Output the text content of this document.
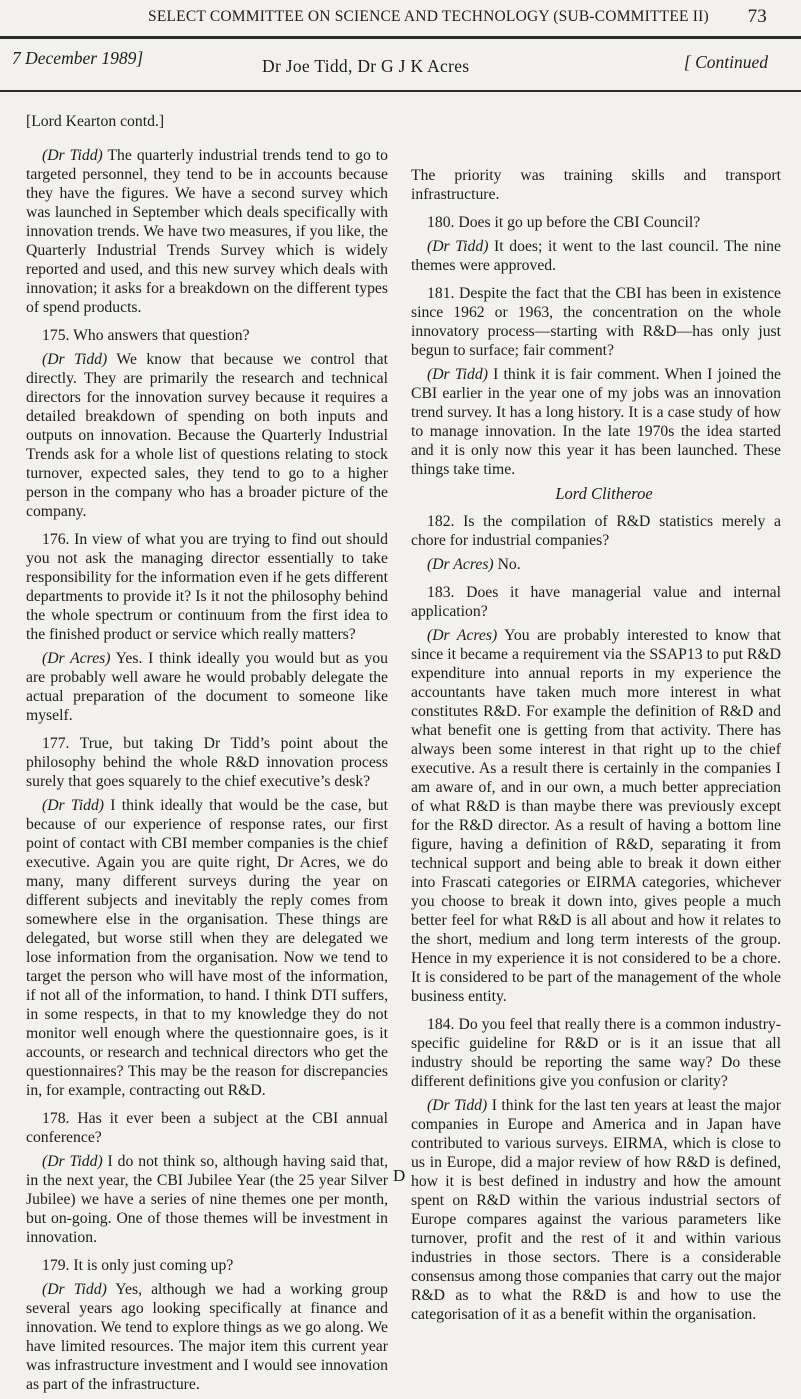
SELECT COMMITTEE ON SCIENCE AND TECHNOLOGY (SUB-COMMITTEE II) 73
7 December 1989]	Dr Joe Tidd, Dr G J K Acres	[ Continued

[Lord Kearton contd.]

(Dr Tidd) The quarterly industrial trends tend to go to targeted personnel, they tend to be in accounts because they have the figures. We have a second survey which was launched in September which deals specifically with innovation trends. We have two measures, if you like, the Quarterly Industrial Trends Survey which is widely reported and used, and this new survey which deals with innovation; it asks for a breakdown on the different types of spend products.

175. Who answers that question?

(Dr Tidd) We know that because we control that directly. They are primarily the research and technical directors for the innovation survey because it requires a detailed breakdown of spending on both inputs and outputs on innovation. Because the Quarterly Industrial Trends ask for a whole list of questions relating to stock turnover, expected sales, they tend to go to a higher person in the company who has a broader picture of the company.

176. In view of what you are trying to find out should you not ask the managing director essentially to take responsibility for the information even if he gets different departments to provide it? Is it not the philosophy behind the whole spectrum or continuum from the first idea to the finished product or service which really matters?

(Dr Acres) Yes. I think ideally you would but as you are probably well aware he would probably delegate the actual preparation of the document to someone like myself.

177. True, but taking Dr Tidd’s point about the philosophy behind the whole R&D innovation process surely that goes squarely to the chief executive’s desk?

(Dr Tidd) I think ideally that would be the case, but because of our experience of response rates, our first point of contact with CBI member companies is the chief executive. Again you are quite right, Dr Acres, we do many, many different surveys during the year on different subjects and inevitably the reply comes from somewhere else in the organisation. These things are delegated, but worse still when they are delegated we lose information from the organisation. Now we tend to target the person who will have most of the information, if not all of the information, to hand. I think DTI suffers, in some respects, in that to my knowledge they do not monitor well enough where the questionnaire goes, is it accounts, or research and technical directors who get the questionnaires? This may be the reason for discrepancies in, for example, contracting out R&D.

178. Has it ever been a subject at the CBI annual conference?

(Dr Tidd) I do not think so, although having said that, in the next year, the CBI Jubilee Year (the 25 year Silver Jubilee) we have a series of nine themes one per month, but on-going. One of those themes will be investment in innovation.

179. It is only just coming up?

(Dr Tidd) Yes, although we had a working group several years ago looking specifically at finance and innovation. We tend to explore things as we go along. We have limited resources. The major item this current year was infrastructure investment and I would see innovation as part of the infrastructure.

The priority was training skills and transport infrastructure.

180. Does it go up before the CBI Council?

(Dr Tidd) It does; it went to the last council. The nine themes were approved.

181. Despite the fact that the CBI has been in existence since 1962 or 1963, the concentration on the whole innovatory process—starting with R&D—has only just begun to surface; fair comment?

(Dr Tidd) I think it is fair comment. When I joined the CBI earlier in the year one of my jobs was an innovation trend survey. It has a long history. It is a case study of how to manage innovation. In the late 1970s the idea started and it is only now this year it has been launched. These things take time.

Lord Clitheroe

182. Is the compilation of R&D statistics merely a chore for industrial companies?

(Dr Acres) No.

183. Does it have managerial value and internal application?

(Dr Acres) You are probably interested to know that since it became a requirement via the SSAP13 to put R&D expenditure into annual reports in my experience the accountants have taken much more interest in what constitutes R&D. For example the definition of R&D and what benefit one is getting from that activity. There has always been some interest in that right up to the chief executive. As a result there is certainly in the companies I am aware of, and in our own, a much better appreciation of what R&D is than maybe there was previously except for the R&D director. As a result of having a bottom line figure, having a definition of R&D, separating it from technical support and being able to break it down either into Frascati categories or EIRMA categories, whichever you choose to break it down into, gives people a much better feel for what R&D is all about and how it relates to the short, medium and long term interests of the group. Hence in my experience it is not considered to be a chore. It is considered to be part of the management of the whole business entity.

184. Do you feel that really there is a common industry-specific guideline for R&D or is it an issue that all industry should be reporting the same way? Do these different definitions give you confusion or clarity?

(Dr Tidd) I think for the last ten years at least the major companies in Europe and America and in Japan have contributed to various surveys. EIRMA, which is close to us in Europe, did a major review of how R&D is defined, how it is best defined in industry and how the amount spent on R&D within the various industrial sectors of Europe compares against the various parameters like turnover, profit and the rest of it and within various industries in those sectors. There is a considerable consensus among those companies that carry out the major R&D as to what the R&D is and how to use the categorisation of it as a benefit within the organisation.

D
